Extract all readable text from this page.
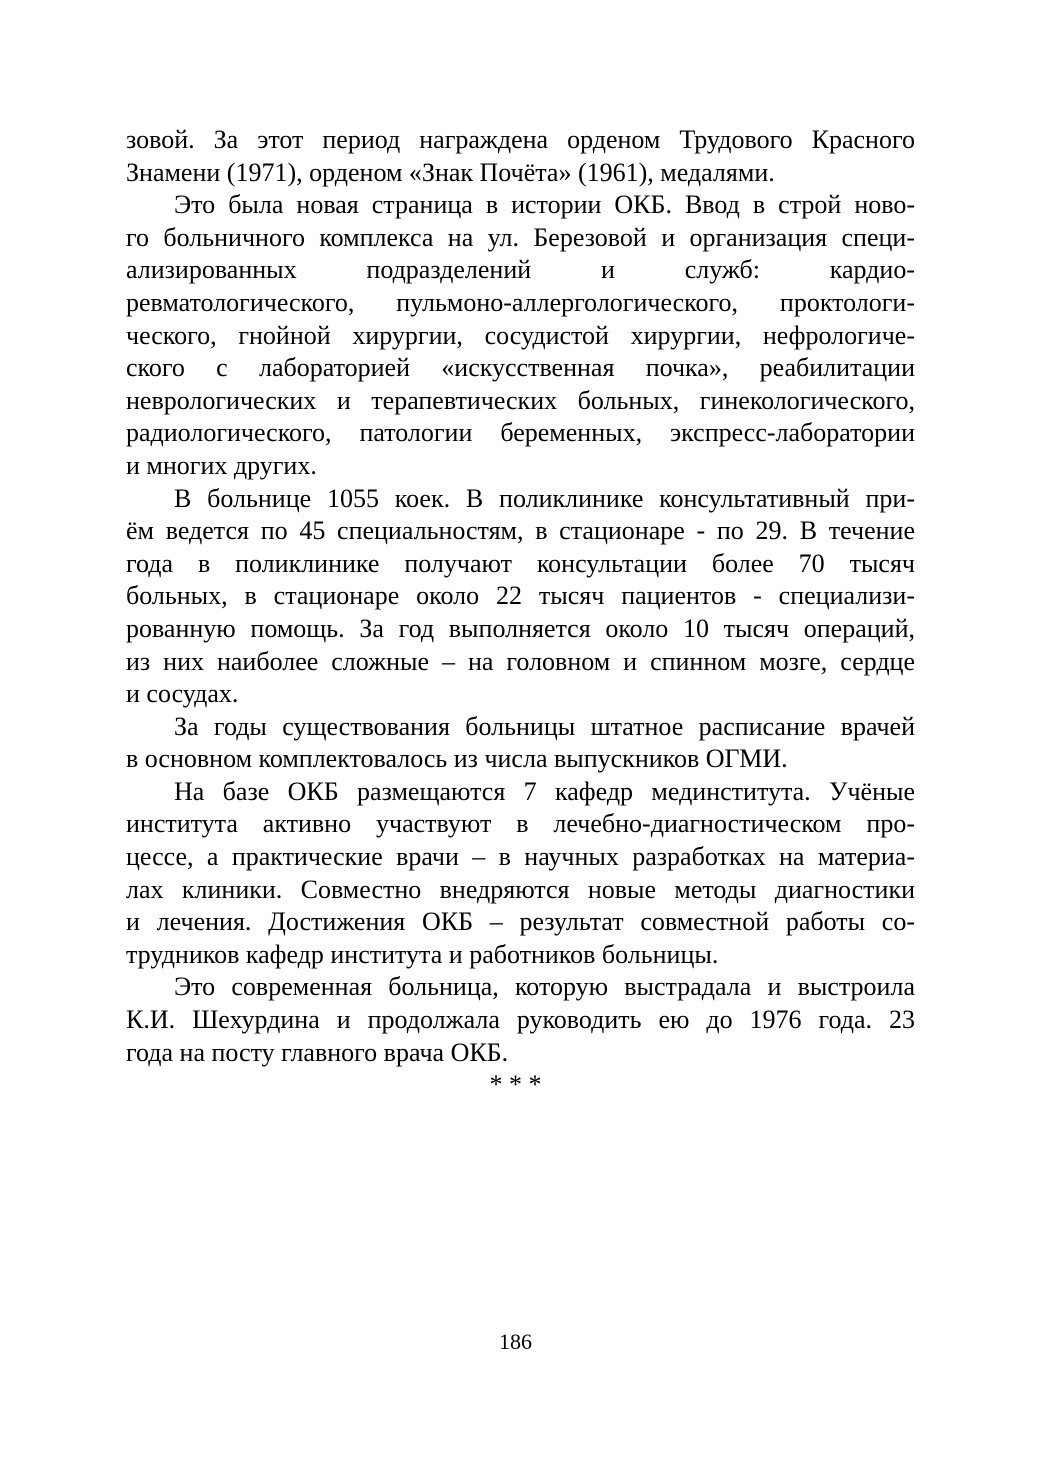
зовой. За этот период награждена орденом Трудового Красного
Знамени (1971), орденом «Знак Почёта» (1961), медалями.
Это была новая страница в истории ОКБ. Ввод в строй ново-
го больничного комплекса на ул. Березовой и организация специ-
ализированных подразделений и служб: кардио-
ревматологического, пульмоно-аллергологического, проктологи-
ческого, гнойной хирургии, сосудистой хирургии, нефрологиче-
ского с лабораторией «искусственная почка», реабилитации
неврологических и терапевтических больных, гинекологического,
радиологического, патологии беременных, экспресс-лаборатории
и многих других.
В больнице 1055 коек. В поликлинике консультативный при-
ём ведется по 45 специальностям, в стационаре - по 29. В течение
года в поликлинике получают консультации более 70 тысяч
больных, в стационаре около 22 тысяч пациентов - специализи-
рованную помощь. За год выполняется около 10 тысяч операций,
из них наиболее сложные – на головном и спинном мозге, сердце
и сосудах.
За годы существования больницы штатное расписание врачей
в основном комплектовалось из числа выпускников ОГМИ.
На базе ОКБ размещаются 7 кафедр мединститута. Учёные
института активно участвуют в лечебно-диагностическом про-
цессе, а практические врачи – в научных разработках на материа-
лах клиники. Совместно внедряются новые методы диагностики
и лечения. Достижения ОКБ – результат совместной работы со-
трудников кафедр института и работников больницы.
Это современная больница, которую выстрадала и выстроила
К.И. Шехурдина и продолжала руководить ею до 1976 года. 23
года на посту главного врача ОКБ.
* * *
186
